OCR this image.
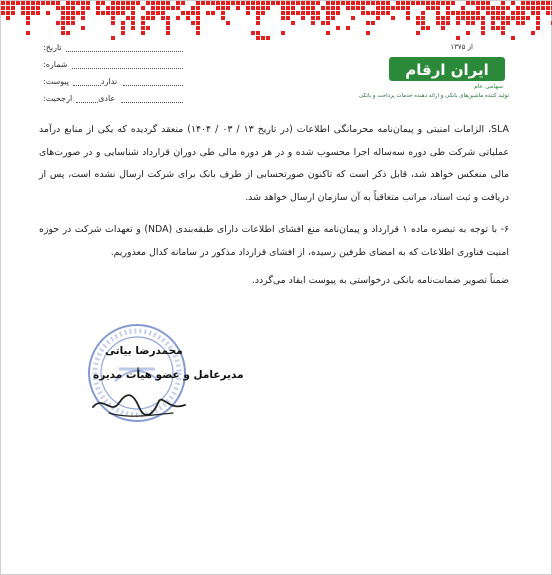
تاریخ:
شماره:
پیوست:	ندارد
ارجحیت:	عادی
از ۱۳۷۵
ایران ارقام
سهامی عام
تولید کننده ماشین‌های بانکی و ارائه دهنده خدمات پرداخت و بانکی

SLA، الزامات امنیتی و پیمان‌نامه محرمانگی اطلاعات (در تاریخ ۱۳ / ۰۳ / ۱۴۰۴) منعقد گردیده که یکی از منابع درآمد عملیاتی شرکت طی دوره سه‌ساله اجرا محسوب شده و در هر دوره مالی طی دوران قرارداد شناسایی و در صورت‌های مالی منعکس خواهد شد، قابل ذکر است که تاکنون صورتحسابی از طرف بانک برای شرکت ارسال نشده است، پس از دریافت و ثبت اسناد، مراتب متعاقباً به آن سازمان ارسال خواهد شد.

۶- با توجه به تبصره ماده ۱ قرارداد و پیمان‌نامه منع افشای اطلاعات دارای طبقه‌بندی (NDA) و تعهدات شرکت در حوزه امنیت فناوری اطلاعات که به امضای طرفین رسیده، از افشای قرارداد مذکور در سامانه کدال معذوریم.

ضمناً تصویر ضمانت‌نامه بانکی درخواستی به پیوست ایفاد می‌گردد.

محمدرضا بیاتی
مدیرعامل و عضو هیأت مدیره
